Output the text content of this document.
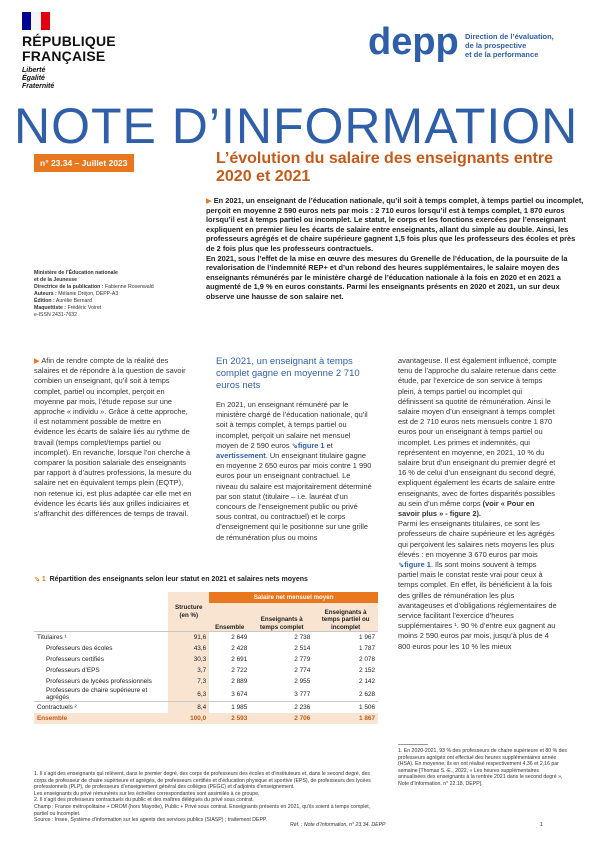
RÉPUBLIQUE
FRANÇAISE
Liberté
Égalité
Fraternité
depp Direction de l’évaluation,
de la prospective
et de la performance
NOTE D’INFORMATION
n° 23.34 – Juillet 2023	L’évolution du salaire des enseignants entre 2020 et 2021

▶ En 2021, un enseignant de l’éducation nationale, qu’il soit à temps complet, à temps partiel ou incomplet, perçoit en moyenne 2 590 euros nets par mois : 2 710 euros lorsqu’il est à temps complet, 1 870 euros lorsqu’il est à temps partiel ou incomplet. Le statut, le corps et les fonctions exercées par l’enseignant expliquent en premier lieu les écarts de salaire entre enseignants, allant du simple au double. Ainsi, les professeurs agrégés et de chaire supérieure gagnent 1,5 fois plus que les professeurs des écoles et près de 2 fois plus que les professeurs contractuels.

En 2021, sous l’effet de la mise en œuvre des mesures du Grenelle de l’éducation, de la poursuite de la revalorisation de l’indemnité REP+ et d’un rebond des heures supplémentaires, le salaire moyen des enseignants rémunérés par le ministère chargé de l’éducation nationale à la fois en 2020 et en 2021 a augmenté de 1,9 % en euros constants. Parmi les enseignants présents en 2020 et 2021, un sur deux observe une hausse de son salaire net.

Ministère de l’Éducation nationale
et de la Jeunesse
Directrice de la publication : Fabienne Rosenwald
Auteurs : Mélanie Dréjon, DEPP-A3
Édition : Aurélie Bernard
Maquettiste : Frédéric Voiret
e-ISSN 2431-7632

▶ Afin de rendre compte de la réalité des salaires et de répondre à la question de savoir combien un enseignant, qu’il soit à temps complet, partiel ou incomplet, perçoit en moyenne par mois, l’étude repose sur une approche « individu ». Grâce à cette approche, il est notamment possible de mettre en évidence les écarts de salaire liés au rythme de travail (temps complet/temps partiel ou incomplet). En revanche, lorsque l’on cherche à comparer la position salariale des enseignants par rapport à d’autres professions, la mesure du salaire net en équivalent temps plein (EQTP), non retenue ici, est plus adaptée car elle met en évidence les écarts liés aux grilles indiciaires et s’affranchit des différences de temps de travail.

En 2021, un enseignant à temps complet gagne en moyenne 2 710 euros nets

En 2021, un enseignant rémunéré par le ministère chargé de l’éducation nationale, qu’il soit à temps complet, à temps partiel ou incomplet, perçoit un salaire net mensuel moyen de 2 590 euros ⇘figure 1 et avertissement. Un enseignant titulaire gagne en moyenne 2 650 euros par mois contre 1 990 euros pour un enseignant contractuel. Le niveau du salaire est majoritairement déterminé par son statut (titulaire – i.e. lauréat d’un concours de l’enseignement public ou privé sous contrat, ou contractuel) et le corps d’enseignement qui le positionne sur une grille de rémunération plus ou moins

avantageuse. Il est également influencé, compte tenu de l’approche du salaire retenue dans cette étude, par l’exercice de son service à temps plein, à temps partiel ou incomplet qui définissent sa quotité de rémunération. Ainsi le salaire moyen d’un enseignant à temps complet est de 2 710 euros nets mensuels contre 1 870 euros pour un enseignant à temps partiel ou incomplet. Les primes et indemnités, qui représentent en moyenne, en 2021, 10 % du salaire brut d’un enseignant du premier degré et 16 % de celui d’un enseignant du second degré, expliquent également les écarts de salaire entre enseignants, avec de fortes disparités possibles au sein d’un même corps (voir « Pour en savoir plus » - figure 2).

Parmi les enseignants titulaires, ce sont les professeurs de chaire supérieure et les agrégés qui perçoivent les salaires nets moyens les plus élevés : en moyenne 3 670 euros par mois ⇘figure 1. Ils sont moins souvent à temps partiel mais le constat reste vrai pour ceux à temps complet. En effet, ils bénéficient à la fois des grilles de rémunération les plus avantageuses et d’obligations réglementaires de service facilitant l’exercice d’heures supplémentaires ¹. 90 % d’entre eux gagnent au moins 2 590 euros par mois, jusqu’à plus de 4 800 euros pour les 10 % les mieux

1. En 2020-2021, 93 % des professeurs de chaire supérieure et 80 % des professeurs agrégés ont effectué des heures supplémentaires année (HSA). En moyenne, ils en ont réalisé respectivement 4,36 et 2,16 par semaine [Thomas S.-E., 2022, « Les heures supplémentaires annualisées des enseignants à la rentrée 2021 dans le second degré », Note d’Information, n° 22.18, DEPP].
⇘ 1 Répartition des enseignants selon leur statut en 2021 et salaires nets moyens
	Structure (en %)	Salaire net mensuel moyen		
		Ensemble	Enseignants à temps complet	Enseignants à temps partiel ou incomplet
Titulaires ¹	91,6	2 649	2 738	1 967
Professeurs des écoles	43,6	2 428	2 514	1 787
Professeurs certifiés	30,3	2 691	2 779	2 078
Professeurs d’EPS	3,7	2 722	2 774	2 152
Professeurs de lycées professionnels	7,3	2 889	2 955	2 142
Professeurs de chaire supérieure et agrégés	6,3	3 674	3 777	2 628
Contractuels ²	8,4	1 985	2 236	1 506
Ensemble	100,0	2 593	2 706	1 867
1. Il s’agit des enseignants qui relèvent, dans le premier degré, des corps de professeurs des écoles et d’instituteurs et, dans le second degré, des corps de professeur de chaire supérieure et agrégés, de professeurs certifiés et d’éducation physique et sportive (EPS), de professeurs des lycées professionnels (PLP), de professeurs d’enseignement général des collèges (PEGC) et d’adjoints d’enseignement.
Les enseignants du privé rémunérés sur les échelles correspondantes sont assimilés à ce groupe.
2. Il s’agit des professeurs contractuels du public et des maîtres délégués du privé sous contrat.
Champ : France métropolitaine + DROM (hors Mayotte), Public + Privé sous contrat. Enseignants présents en 2021, qu’ils soient à temps complet, partiel ou incomplet.
Source : Insee, Système d’information sur les agents des services publics (SIASP) ; traitement DEPP.
Réf. : Note d’Information, n° 23.34. DEPP	1
